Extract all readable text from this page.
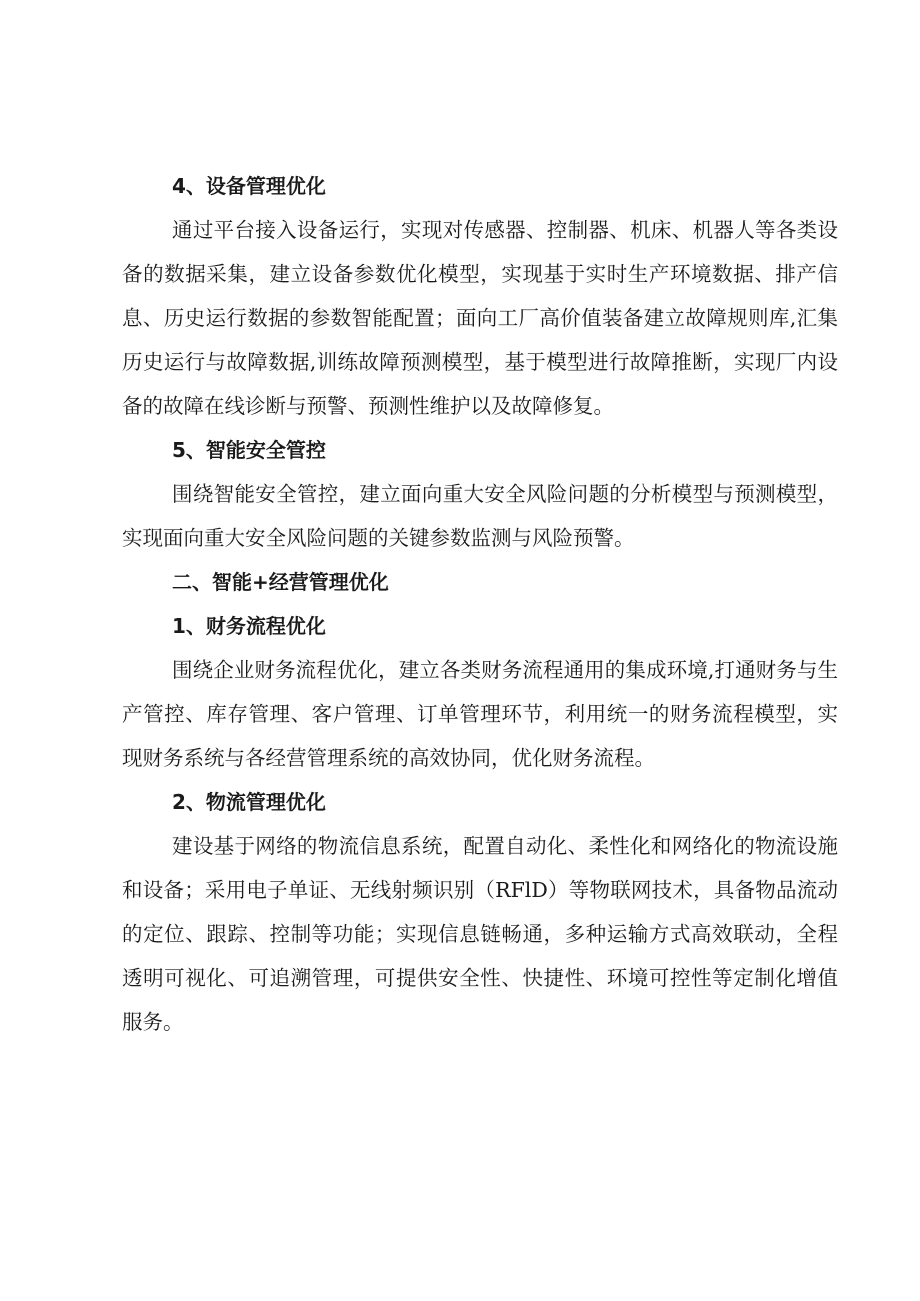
4、设备管理优化

通过平台接入设备运行，实现对传感器、控制器、机床、机器人等各类设备的数据采集，建立设备参数优化模型，实现基于实时生产环境数据、排产信息、历史运行数据的参数智能配置；面向工厂高价值装备建立故障规则库,汇集历史运行与故障数据,训练故障预测模型，基于模型进行故障推断，实现厂内设备的故障在线诊断与预警、预测性维护以及故障修复。

5、智能安全管控

围绕智能安全管控，建立面向重大安全风险问题的分析模型与预测模型，实现面向重大安全风险问题的关键参数监测与风险预警。

二、智能+经营管理优化
1、财务流程优化

围绕企业财务流程优化，建立各类财务流程通用的集成环境,打通财务与生产管控、库存管理、客户管理、订单管理环节，利用统一的财务流程模型，实现财务系统与各经营管理系统的高效协同，优化财务流程。

2、物流管理优化

建设基于网络的物流信息系统，配置自动化、柔性化和网络化的物流设施和设备；采用电子单证、无线射频识别（RFlD）等物联网技术，具备物品流动的定位、跟踪、控制等功能；实现信息链畅通，多种运输方式高效联动，全程透明可视化、可追溯管理，可提供安全性、快捷性、环境可控性等定制化增值服务。
